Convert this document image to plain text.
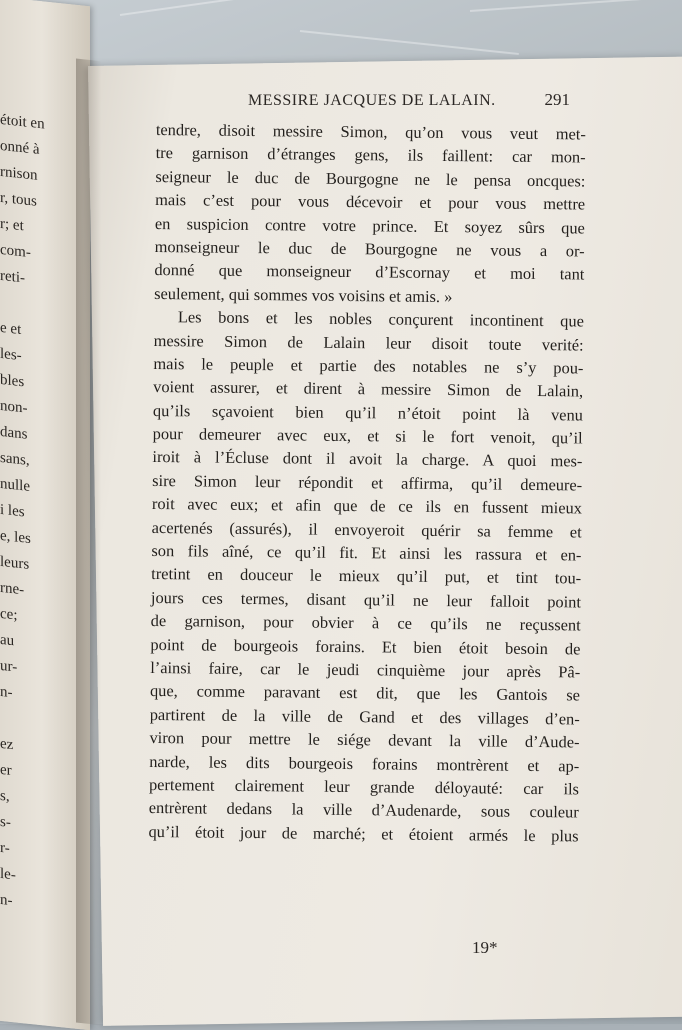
étoit en
onné à
rnison
r, tous
r; et
com-
reti-
e et
les-
bles
non-
dans
sans,
nulle
i les
e, les
leurs
rne-
ce;
au
ur-
n-
ez
er
s,
s-
r-
le-
n-
MESSIRE JACQUES DE LALAIN.	291
tendre, disoit messire Simon, qu’on vous veut met-
tre garnison d’étranges gens, ils faillent: car mon-
seigneur le duc de Bourgogne ne le pensa oncques:
mais c’est pour vous décevoir et pour vous mettre
en suspicion contre votre prince. Et soyez sûrs que
monseigneur le duc de Bourgogne ne vous a or-
donné que monseigneur d’Escornay et moi tant
seulement, qui sommes vos voisins et amis. »
Les bons et les nobles conçurent incontinent que
messire Simon de Lalain leur disoit toute verité:
mais le peuple et partie des notables ne s’y pou-
voient assurer, et dirent à messire Simon de Lalain,
qu’ils sçavoient bien qu’il n’étoit point là venu
pour demeurer avec eux, et si le fort venoit, qu’il
iroit à l’Écluse dont il avoit la charge. A quoi mes-
sire Simon leur répondit et affirma, qu’il demeure-
roit avec eux; et afin que de ce ils en fussent mieux
acertenés (assurés), il envoyeroit quérir sa femme et
son fils aîné, ce qu’il fit. Et ainsi les rassura et en-
tretint en douceur le mieux qu’il put, et tint tou-
jours ces termes, disant qu’il ne leur falloit point
de garnison, pour obvier à ce qu’ils ne reçussent
point de bourgeois forains. Et bien étoit besoin de
l’ainsi faire, car le jeudi cinquième jour après Pâ-
que, comme paravant est dit, que les Gantois se
partirent de la ville de Gand et des villages d’en-
viron pour mettre le siége devant la ville d’Aude-
narde, les dits bourgeois forains montrèrent et ap-
pertement clairement leur grande déloyauté: car ils
entrèrent dedans la ville d’Audenarde, sous couleur
qu’il étoit jour de marché; et étoient armés le plus
19*
